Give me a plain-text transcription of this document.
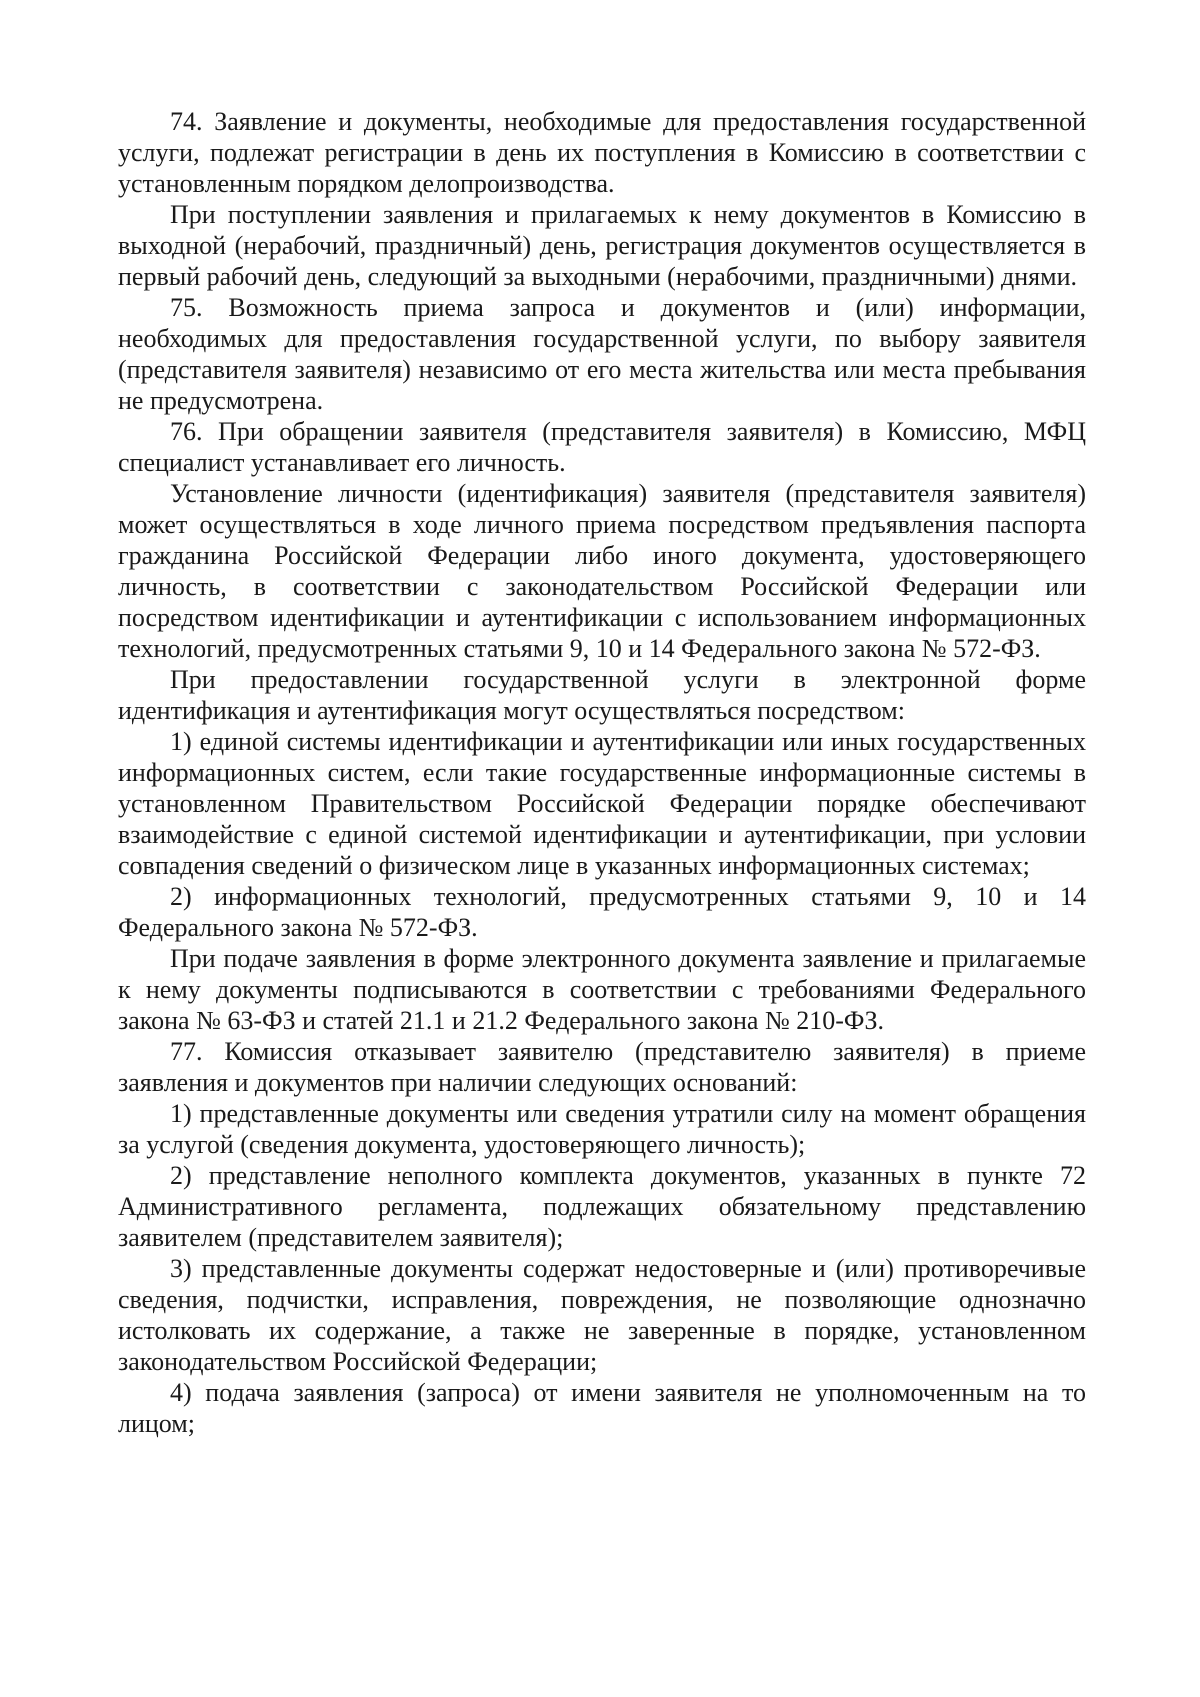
74. Заявление и документы, необходимые для предоставления государственной услуги, подлежат регистрации в день их поступления в Комиссию в соответствии с установленным порядком делопроизводства.

При поступлении заявления и прилагаемых к нему документов в Комиссию в выходной (нерабочий, праздничный) день, регистрация документов осуществляется в первый рабочий день, следующий за выходными (нерабочими, праздничными) днями.

75. Возможность приема запроса и документов и (или) информации, необходимых для предоставления государственной услуги, по выбору заявителя (представителя заявителя) независимо от его места жительства или места пребывания не предусмотрена.

76. При обращении заявителя (представителя заявителя) в Комиссию, МФЦ специалист устанавливает его личность.

Установление личности (идентификация) заявителя (представителя заявителя) может осуществляться в ходе личного приема посредством предъявления паспорта гражданина Российской Федерации либо иного документа, удостоверяющего личность, в соответствии с законодательством Российской Федерации или посредством идентификации и аутентификации с использованием информационных технологий, предусмотренных статьями 9, 10 и 14 Федерального закона № 572-ФЗ.

При предоставлении государственной услуги в электронной форме идентификация и аутентификация могут осуществляться посредством:

1) единой системы идентификации и аутентификации или иных государственных информационных систем, если такие государственные информационные системы в установленном Правительством Российской Федерации порядке обеспечивают взаимодействие с единой системой идентификации и аутентификации, при условии совпадения сведений о физическом лице в указанных информационных системах;

2) информационных технологий, предусмотренных статьями 9, 10 и 14 Федерального закона № 572-ФЗ.

При подаче заявления в форме электронного документа заявление и прилагаемые к нему документы подписываются в соответствии с требованиями Федерального закона № 63-ФЗ и статей 21.1 и 21.2 Федерального закона № 210-ФЗ.

77. Комиссия отказывает заявителю (представителю заявителя) в приеме заявления и документов при наличии следующих оснований:

1) представленные документы или сведения утратили силу на момент обращения за услугой (сведения документа, удостоверяющего личность);

2) представление неполного комплекта документов, указанных в пункте 72 Административного регламента, подлежащих обязательному представлению заявителем (представителем заявителя);

3) представленные документы содержат недостоверные и (или) противоречивые сведения, подчистки, исправления, повреждения, не позволяющие однозначно истолковать их содержание, а также не заверенные в порядке, установленном законодательством Российской Федерации;

4) подача заявления (запроса) от имени заявителя не уполномоченным на то лицом;
